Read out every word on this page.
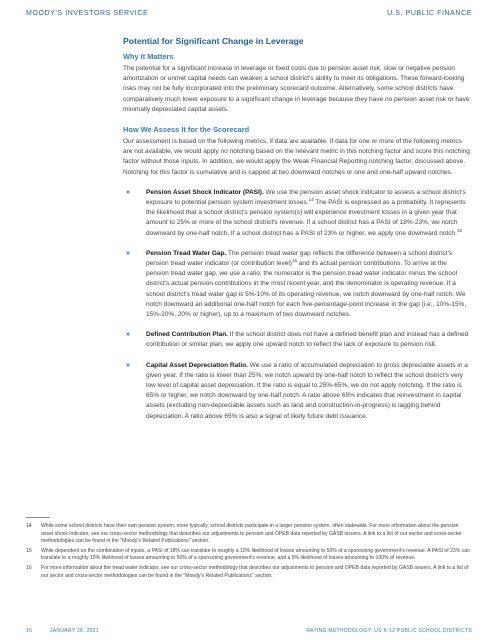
MOODY'S INVESTORS SERVICE	U.S. PUBLIC FINANCE
Potential for Significant Change in Leverage
Why It Matters

The potential for a significant increase in leverage or fixed costs due to pension asset risk, slow or negative pension amortization or unmet capital needs can weaken a school district's ability to meet its obligations. These forward-looking risks may not be fully incorporated into the preliminary scorecard outcome. Alternatively, some school districts have comparatively much lower exposure to a significant change in leverage because they have no pension asset risk or have minimally depreciated capital assets.

How We Assess It for the Scorecard

Our assessment is based on the following metrics, if data are available. If data for one or more of the following metrics are not available, we would apply no notching based on the relevant metric in this notching factor and score this notching factor without those inputs. In addition, we would apply the Weak Financial Reporting notching factor, discussed above. Notching for this factor is cumulative and is capped at two downward notches or one and one-half upward notches.

» Pension Asset Shock Indicator (PASI). We use the pension asset shock indicator to assess a school district's exposure to potential pension system investment losses.$^{14}$ The PASI is expressed as a probability. It represents the likelihood that a school district's pension system(s) will experience investment losses in a given year that amount to 25% or more of the school district's revenue. If a school district has a PASI of 18%-23%, we notch downward by one-half notch. If a school district has a PASI of 23% or higher, we apply one downward notch.$^{15}$
» Pension Tread Water Gap. The pension tread water gap reflects the difference between a school district's pension tread water indicator (or contribution level)$^{16}$ and its actual pension contributions. To arrive at the pension tread water gap, we use a ratio; the numerator is the pension tread water indicator minus the school district's actual pension contributions in the most recent year, and the denominator is operating revenue. If a school district's tread water gap is 5%-10% of its operating revenue, we notch downward by one-half notch. We notch downward an additional one-half notch for each five-percentage-point increase in the gap (i.e., 10%-15%, 15%-20%, 20% or higher), up to a maximum of two downward notches.
» Defined Contribution Plan. If the school district does not have a defined benefit plan and instead has a defined contribution or similar plan, we apply one upward notch to reflect the lack of exposure to pension risk.
» Capital Asset Depreciation Ratio. We use a ratio of accumulated depreciation to gross depreciable assets in a given year. If the ratio is lower than 25%, we notch upward by one-half notch to reflect the school district's very low level of capital asset depreciation. If the ratio is equal to 25%-65%, we do not apply notching. If the ratio is 65% or higher, we notch downward by one-half notch. A ratio above 65% indicates that reinvestment in capital assets (excluding non-depreciable assets such as land and construction-in-progress) is lagging behind depreciation. A ratio above 65% is also a signal of likely future debt issuance.
14 While some school districts have their own pension system, more typically, school districts participate in a larger pension system, often statewide. For more information about the pension asset shock indicator, see our cross-sector methodology that describes our adjustments to pension and OPEB data reported by GASB issuers. A link to a list of our sector and cross-sector methodologies can be found in the "Moody's Related Publications" section.
15 While dependent on the combination of inputs, a PASI of 18% can translate to roughly a 10% likelihood of losses amounting to 50% of a sponsoring government's revenue. A PASI of 23% can translate to a roughly 15% likelihood of losses amounting to 50% of a sponsoring government's revenue, and a 5% likelihood of losses amounting to 100% of revenue.
16 For more information about the tread water indicator, see our cross-sector methodology that describes our adjustments to pension and OPEB data reported by GASB issuers. A link to a list of our sector and cross-sector methodologies can be found in the "Moody's Related Publications" section.
16	JANUARY 26, 2021	RATING METHODOLOGY: US K-12 PUBLIC SCHOOL DISTRICTS
